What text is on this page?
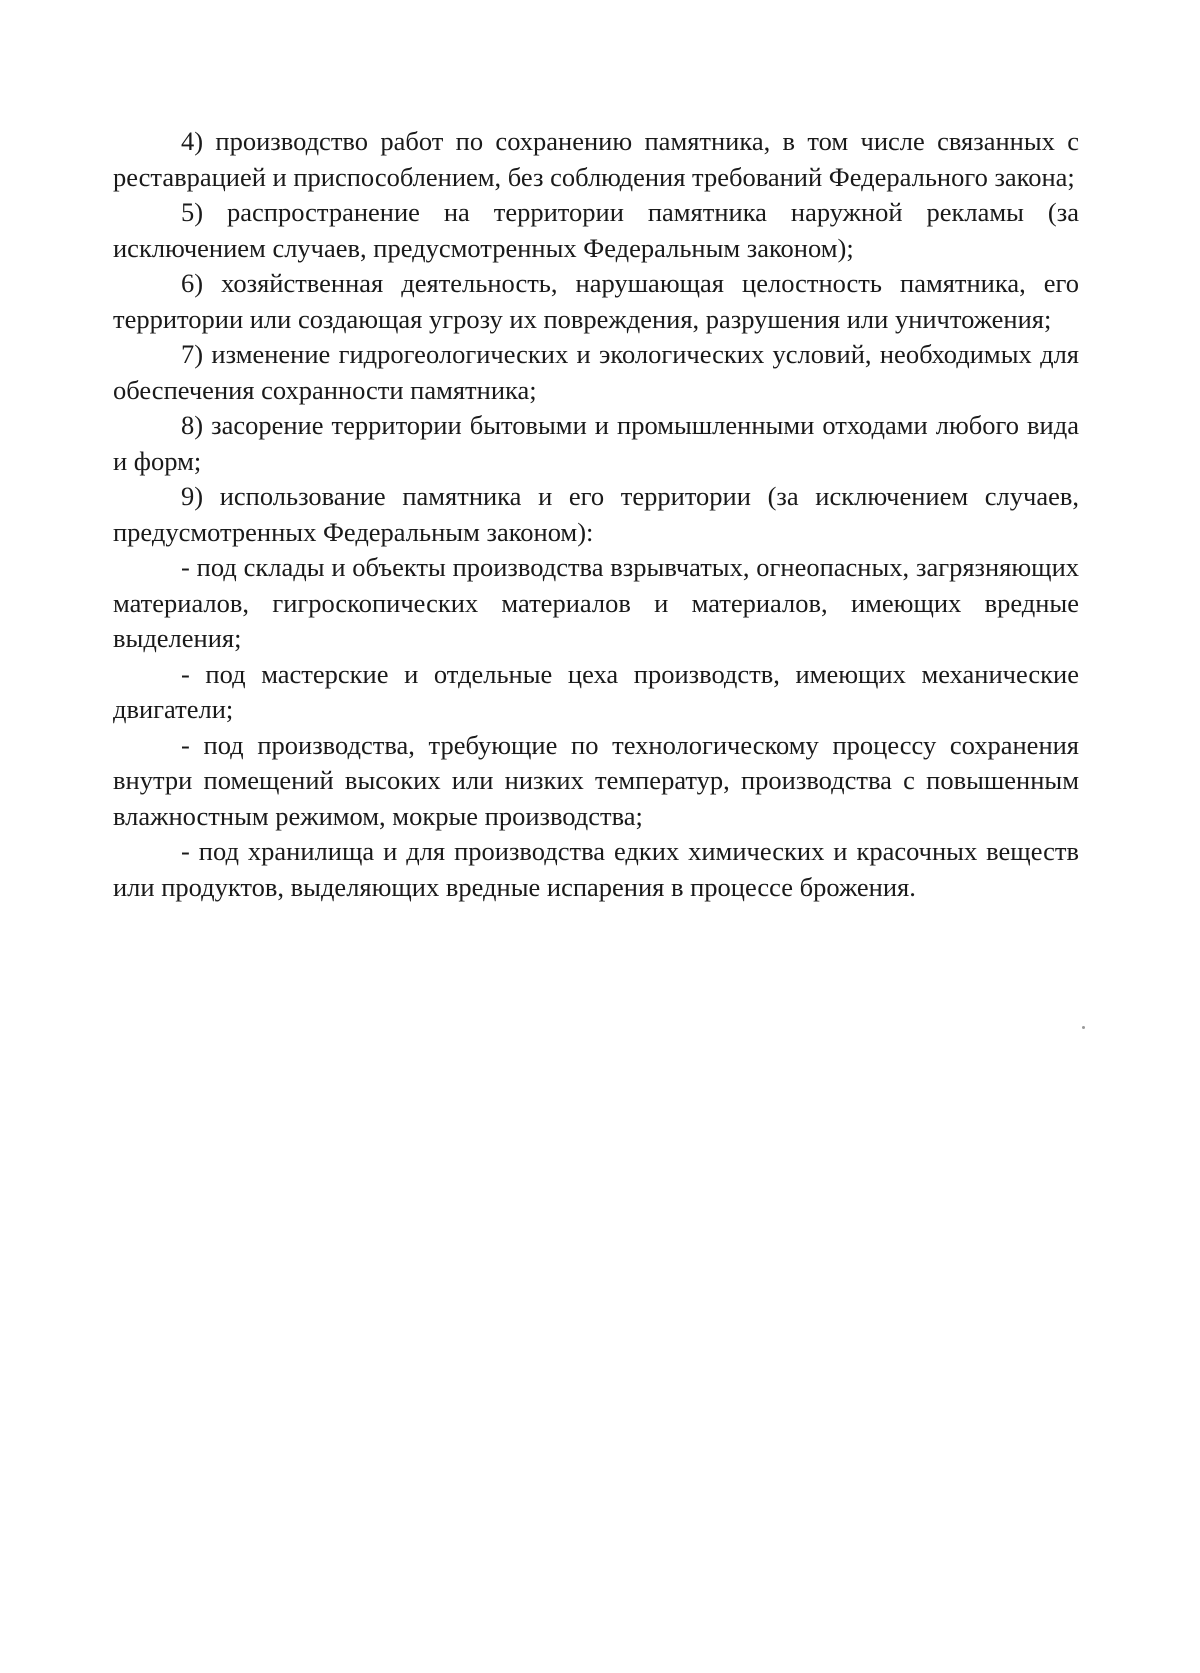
4) производство работ по сохранению памятника, в том числе связанных с реставрацией и приспособлением, без соблюдения требований Федерального закона;

5) распространение на территории памятника наружной рекламы (за исключением случаев, предусмотренных Федеральным законом);

6) хозяйственная деятельность, нарушающая целостность памятника, его территории или создающая угрозу их повреждения, разрушения или уничтожения;

7) изменение гидрогеологических и экологических условий, необходимых для обеспечения сохранности памятника;

8) засорение территории бытовыми и промышленными отходами любого вида и форм;

9) использование памятника и его территории (за исключением случаев, предусмотренных Федеральным законом):

- под склады и объекты производства взрывчатых, огнеопасных, загрязняющих материалов, гигроскопических материалов и материалов, имеющих вредные выделения;

- под мастерские и отдельные цеха производств, имеющих механические двигатели;

- под производства, требующие по технологическому процессу сохранения внутри помещений высоких или низких температур, производства с повышенным влажностным режимом, мокрые производства;

- под хранилища и для производства едких химических и красочных веществ или продуктов, выделяющих вредные испарения в процессе брожения.
